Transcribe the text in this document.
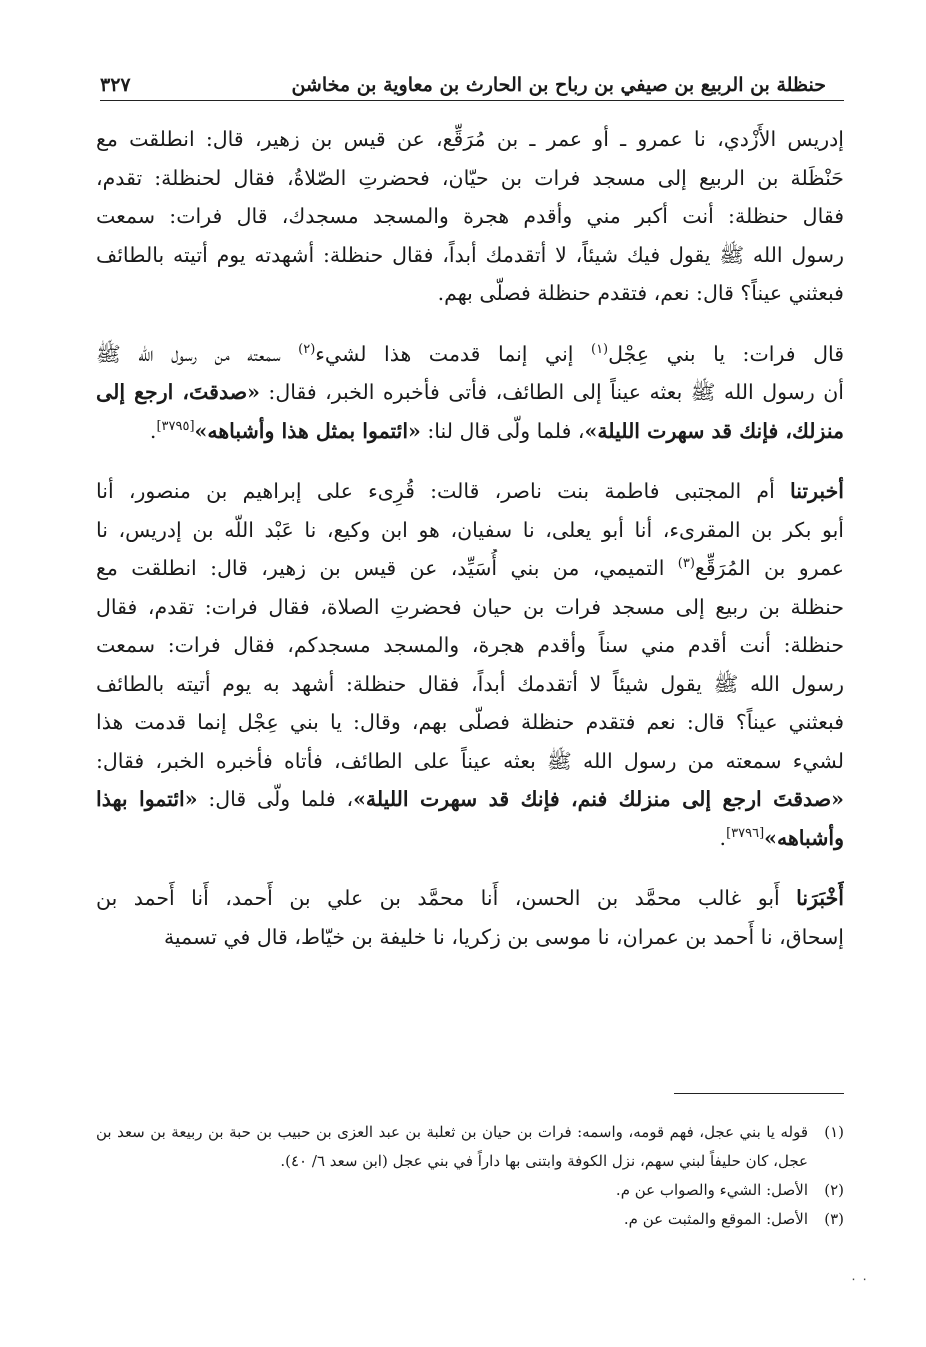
حنظلة بن الربيع بن صيفي بن رباح بن الحارث بن معاوية بن مخاشن
٣٢٧
إدريس الأَزْدي، نا عمرو ـ أو عمر ـ بن مُرَقِّع، عن قيس بن زهير، قال: انطلقت مع
حَنْظَلة بن الربيع إلى مسجد فرات بن حيّان، فحضرتِ الصّلاةُ، فقال لحنظلة: تقدم،
فقال حنظلة: أنت أكبر مني وأقدم هجرة والمسجد مسجدك، قال فرات: سمعت
رسول الله ﷺ يقول فيك شيئاً، لا أتقدمك أبداً، فقال حنظلة: أشهدته يوم أتيته بالطائف
فبعثني عيناً؟ قال: نعم، فتقدم حنظلة فصلّى بهم.
قال فرات: يا بني عِجْل$^{(١)}$ إني إنما قدمت هذا لشيء$^{(٢)}$ سمعته من رسول الله ﷺ
أن رسول الله ﷺ بعثه عيناً إلى الطائف، فأتى فأخبره الخبر، فقال: «صدقتَ، ارجع إلى
منزلك، فإنك قد سهرت الليلة»، فلما ولّى قال لنا: «ائتموا بمثل هذا وأشباهه»[٣٧٩٥].
أخبرتنا أم المجتبى فاطمة بنت ناصر، قالت: قُرِىء على إبراهيم بن منصور، أنا
أبو بكر بن المقرىء، أنا أبو يعلى، نا سفيان، هو ابن وكيع، نا عَبْد اللّه بن إدريس، نا
عمرو بن المُرَقِّع$^{(٣)}$ التميمي، من بني أُسَيِّد، عن قيس بن زهير، قال: انطلقت مع
حنظلة بن ربيع إلى مسجد فرات بن حيان فحضرتِ الصلاة، فقال فرات: تقدم، فقال
حنظلة: أنت أقدم مني سناً وأقدم هجرة، والمسجد مسجدكم، فقال فرات: سمعت
رسول الله ﷺ يقول شيئاً لا أتقدمك أبداً، فقال حنظلة: أشهد به يوم أتيته بالطائف
فبعثني عيناً؟ قال: نعم فتقدم حنظلة فصلّى بهم، وقال: يا بني عِجْل إنما قدمت هذا
لشيء سمعته من رسول الله ﷺ بعثه عيناً على الطائف، فأتاه فأخبره الخبر، فقال:
«صدقتَ ارجع إلى منزلك فنم، فإنك قد سهرت الليلة»، فلما ولّى قال: «ائتموا بهذا
وأشباهه»[٣٧٩٦].
أَخْبَرَنا أَبو غالب محمَّد بن الحسن، أَنا محمَّد بن علي بن أَحمد، أَنا أَحمد بن
إسحاق، نا أَحمد بن عمران، نا موسى بن زكريا، نا خليفة بن خيّاط، قال في تسمية
(١)
قوله يا بني عجل، فهم قومه، واسمه: فرات بن حيان بن ثعلبة بن عبد العزى بن حبيب بن حبة بن ربيعة بن سعد بن عجل، كان حليفاً لبني سهم، نزل الكوفة وابتنى بها داراً في بني عجل (ابن سعد ٦/ ٤٠).
(٢)
الأصل: الشيء والصواب عن م.
(٣)
الأصل: الموقع والمثبت عن م.
٠ ٠
